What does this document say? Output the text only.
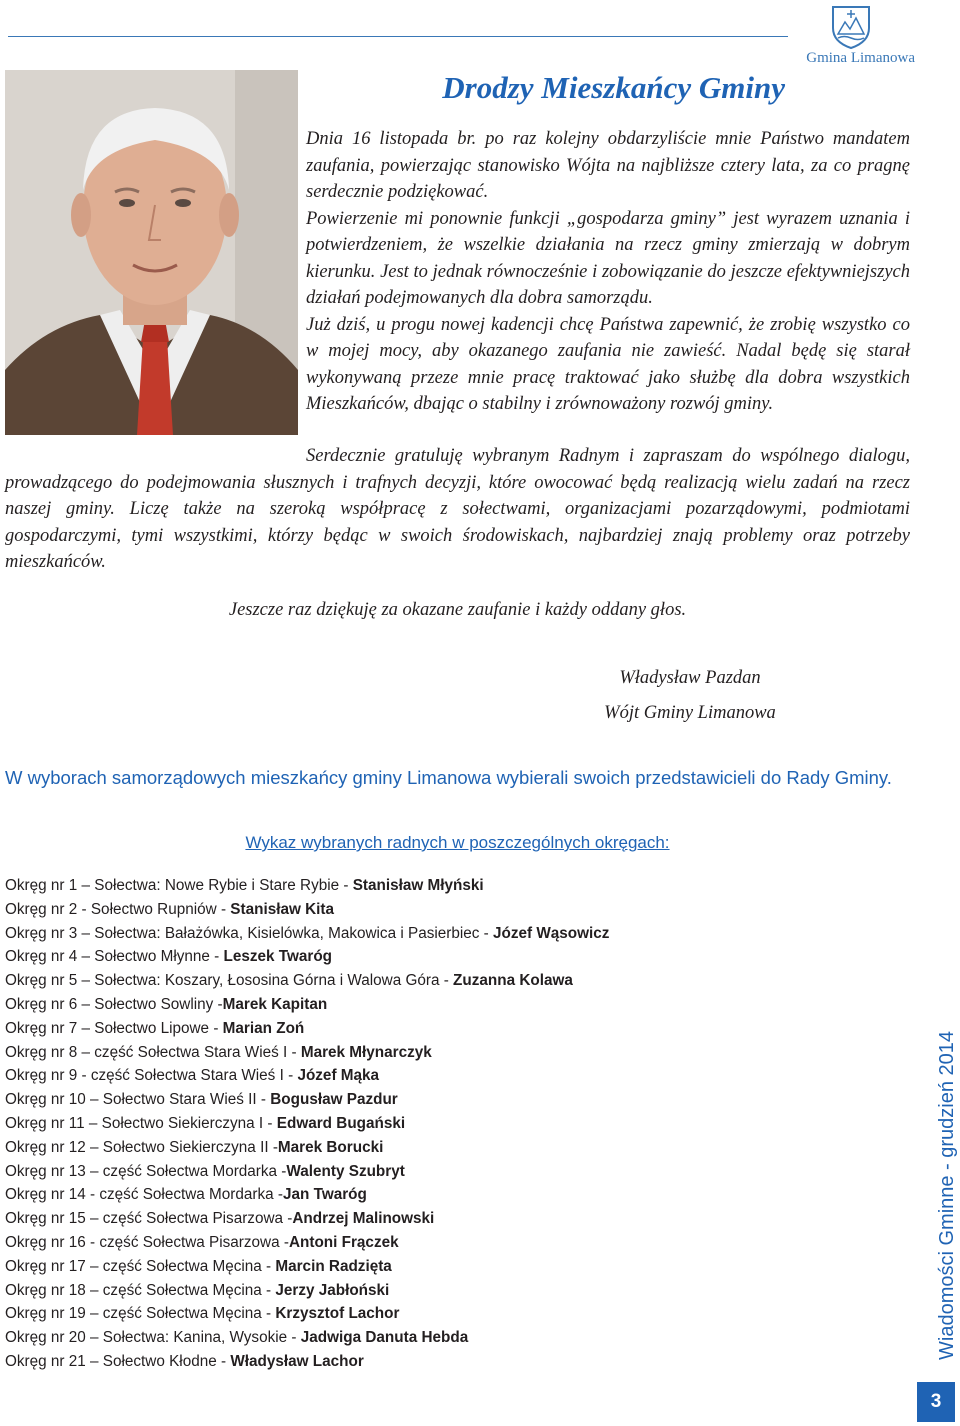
Gmina Limanowa
Drodzy Mieszkańcy Gminy

Dnia 16 listopada br. po raz kolejny obdarzyliście mnie Państwo mandatem zaufania, powierzając stanowisko Wójta na najbliższe cztery lata, za co pragnę serdecznie podziękować.

Powierzenie mi ponownie funkcji „gospodarza gminy” jest wyrazem uznania i potwierdzeniem, że wszelkie działania na rzecz gminy zmierzają w dobrym kierunku. Jest to jednak równocześnie i zobowiązanie do jeszcze efektywniejszych działań podejmowanych dla dobra samorządu.

Już dziś, u progu nowej kadencji chcę Państwa zapewnić, że zrobię wszystko co w mojej mocy, aby okazanego zaufania nie zawieść. Nadal będę się starał wykonywaną przeze mnie pracę traktować jako służbę dla dobra wszystkich Mieszkańców, dbając o stabilny i zrównoważony rozwój gminy.

Serdecznie gratuluję wybranym Radnym i zapraszam do wspólnego dialogu, prowadzącego do podejmowania słusznych i trafnych decyzji, które owocować będą realizacją wielu zadań na rzecz naszej gminy. Liczę także na szeroką współpracę z sołectwami, organizacjami pozarządowymi, podmiotami gospodarczymi, tymi wszystkimi, którzy będąc w swoich środowiskach, najbardziej znają problemy oraz potrzeby mieszkańców.

Jeszcze raz dziękuję za okazane zaufanie i każdy oddany głos.

Władysław Pazdan

Wójt Gminy Limanowa

W wyborach samorządowych mieszkańcy gminy Limanowa wybierali swoich przedstawicieli do Rady Gminy.

Wykaz wybranych radnych w poszczególnych okręgach:

Okręg nr 1 – Sołectwa: Nowe Rybie i Stare Rybie - Stanisław Młyński
Okręg nr 2 - Sołectwo Rupniów - Stanisław Kita
Okręg nr 3 – Sołectwa: Bałażówka, Kisielówka, Makowica i Pasierbiec - Józef Wąsowicz
Okręg nr 4 – Sołectwo Młynne - Leszek Twaróg
Okręg nr 5 – Sołectwa: Koszary, Łososina Górna i Walowa Góra - Zuzanna Kolawa
Okręg nr 6 – Sołectwo Sowliny -Marek Kapitan
Okręg nr 7 – Sołectwo Lipowe - Marian Zoń
Okręg nr 8 – część Sołectwa Stara Wieś I - Marek Młynarczyk
Okręg nr 9 - część Sołectwa Stara Wieś I - Józef Mąka
Okręg nr 10 – Sołectwo Stara Wieś II - Bogusław Pazdur
Okręg nr 11 – Sołectwo Siekierczyna I - Edward Bugański
Okręg nr 12 – Sołectwo Siekierczyna II -Marek Borucki
Okręg nr 13 – część Sołectwa Mordarka -Walenty Szubryt
Okręg nr 14 - część Sołectwa Mordarka -Jan Twaróg
Okręg nr 15 – część Sołectwa Pisarzowa -Andrzej Malinowski
Okręg nr 16 - część Sołectwa Pisarzowa -Antoni Frączek
Okręg nr 17 – część Sołectwa Męcina - Marcin Radzięta
Okręg nr 18 – część Sołectwa Męcina - Jerzy Jabłoński
Okręg nr 19 – część Sołectwa Męcina - Krzysztof Lachor
Okręg nr 20 – Sołectwa: Kanina, Wysokie - Jadwiga Danuta Hebda
Okręg nr 21 – Sołectwo Kłodne - Władysław Lachor
Wiadomości Gminne - grudzień 2014
3
